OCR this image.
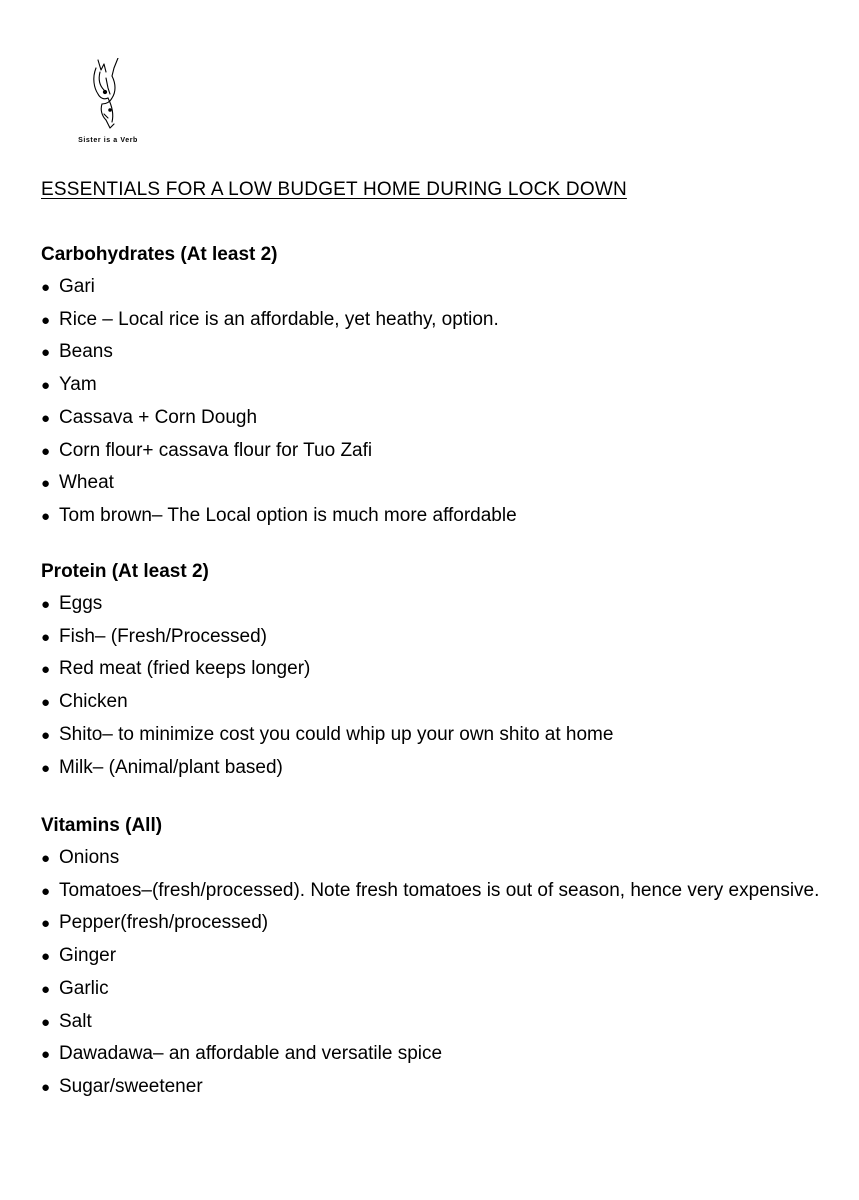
Sister is a Verb
ESSENTIALS FOR A LOW BUDGET HOME DURING LOCK DOWN
Carbohydrates (At least 2)
● Gari
● Rice – Local rice is an affordable, yet heathy, option.
● Beans
● Yam
● Cassava + Corn Dough
● Corn flour+ cassava flour for Tuo Zafi
● Wheat
● Tom brown– The Local option is much more affordable
Protein (At least 2)
● Eggs
● Fish– (Fresh/Processed)
● Red meat (fried keeps longer)
● Chicken
● Shito– to minimize cost you could whip up your own shito at home
● Milk– (Animal/plant based)
Vitamins (All)
● Onions
● Tomatoes–(fresh/processed). Note fresh tomatoes is out of season, hence very expensive.
● Pepper(fresh/processed)
● Ginger
● Garlic
● Salt
● Dawadawa– an affordable and versatile spice
● Sugar/sweetener
